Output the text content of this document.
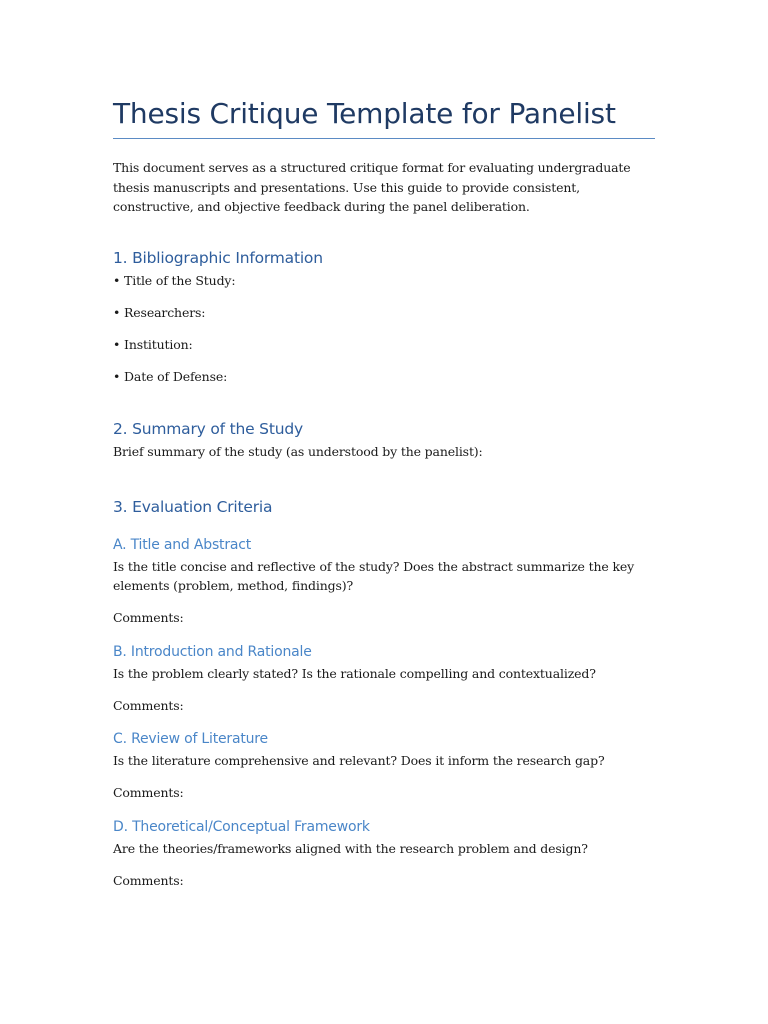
Thesis Critique Template for Panelist

This document serves as a structured critique format for evaluating undergraduate thesis manuscripts and presentations. Use this guide to provide consistent, constructive, and objective feedback during the panel deliberation.

1. Bibliographic Information

• Title of the Study:

• Researchers:

• Institution:

• Date of Defense:

2. Summary of the Study

Brief summary of the study (as understood by the panelist):

3. Evaluation Criteria
A. Title and Abstract

Is the title concise and reflective of the study? Does the abstract summarize the key

elements (problem, method, findings)?

Comments:

B. Introduction and Rationale

Is the problem clearly stated? Is the rationale compelling and contextualized?

Comments:

C. Review of Literature

Is the literature comprehensive and relevant? Does it inform the research gap?

Comments:

D. Theoretical/Conceptual Framework

Are the theories/frameworks aligned with the research problem and design?

Comments:
